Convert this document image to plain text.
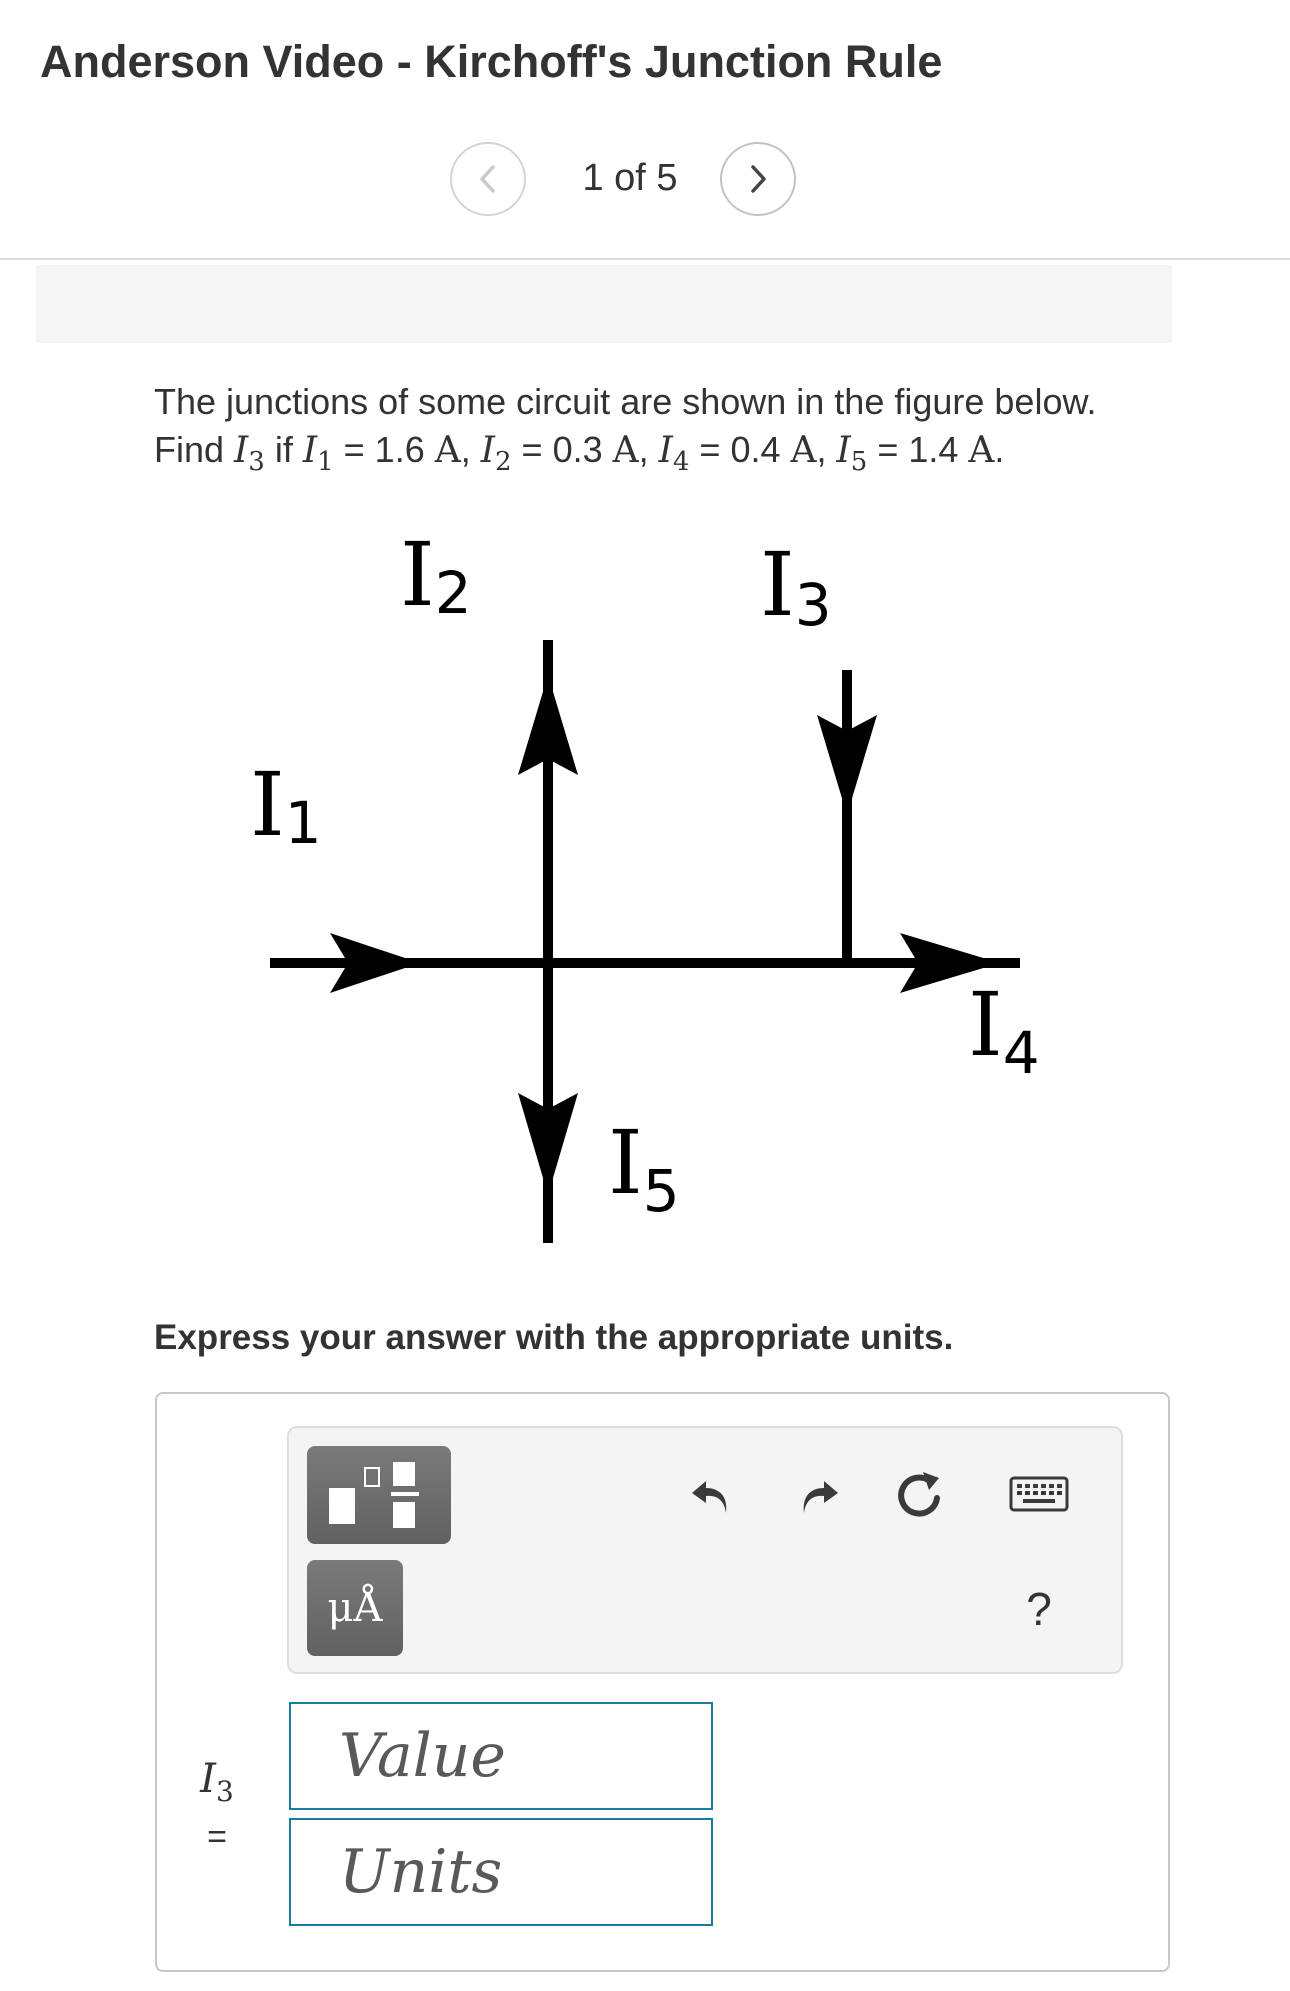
Anderson Video - Kirchoff's Junction Rule
1 of 5
The junctions of some circuit are shown in the figure below.
Find $I_3$ if $I_1 = 1.6$ A, $I_2 = 0.3$ A, $I_4 = 0.4$ A, $I_5 = 1.4$ A.
I1
I2	I3
$I_4$
$I_5$
Express your answer with the appropriate units.
μÅ	?
$I_3$
=
Value
Units
